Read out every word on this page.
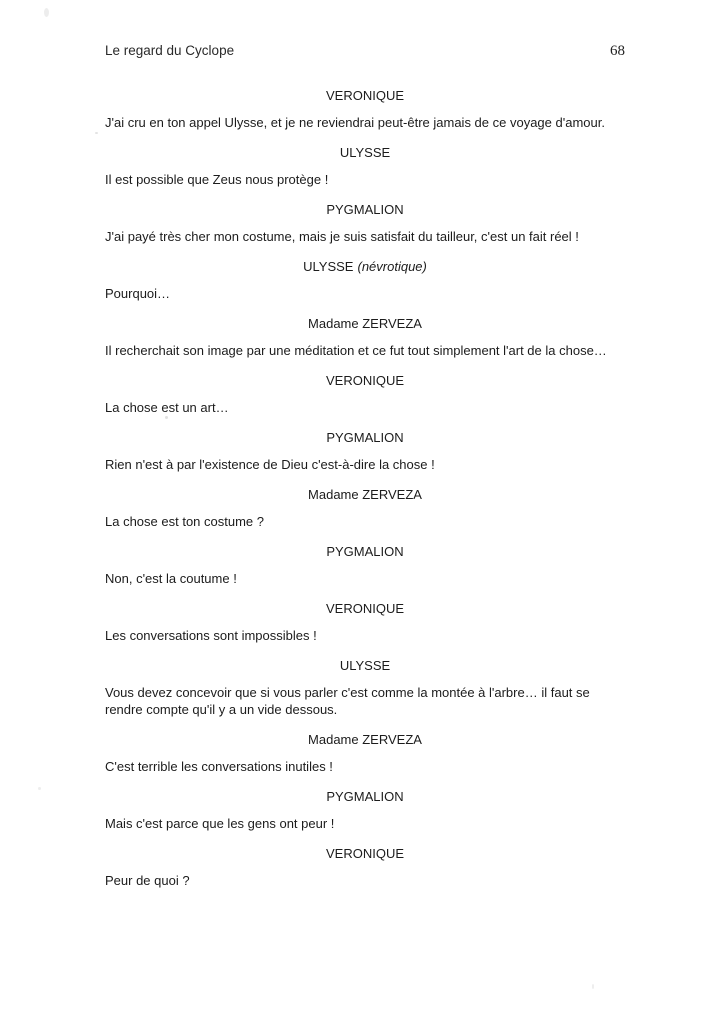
Le regard du Cyclope	68

VERONIQUE

J'ai cru en ton appel Ulysse, et je ne reviendrai peut-être jamais de ce voyage d'amour.

ULYSSE

Il est possible que Zeus nous protège !

PYGMALION

J'ai payé très cher mon costume, mais je suis satisfait du tailleur, c'est un fait réel !

ULYSSE (névrotique)

Pourquoi…

Madame ZERVEZA

Il recherchait son image par une méditation et ce fut tout simplement l'art de la chose…

VERONIQUE

La chose est un art…

PYGMALION

Rien n'est à par l'existence de Dieu c'est-à-dire la chose !

Madame ZERVEZA

La chose est ton costume ?

PYGMALION

Non, c'est la coutume !

VERONIQUE

Les conversations sont impossibles !

ULYSSE

Vous devez concevoir que si vous parler c'est comme la montée à l'arbre… il faut se rendre compte qu'il y a un vide dessous.

Madame ZERVEZA

C'est terrible les conversations inutiles !

PYGMALION

Mais c'est parce que les gens ont peur !

VERONIQUE

Peur de quoi ?
